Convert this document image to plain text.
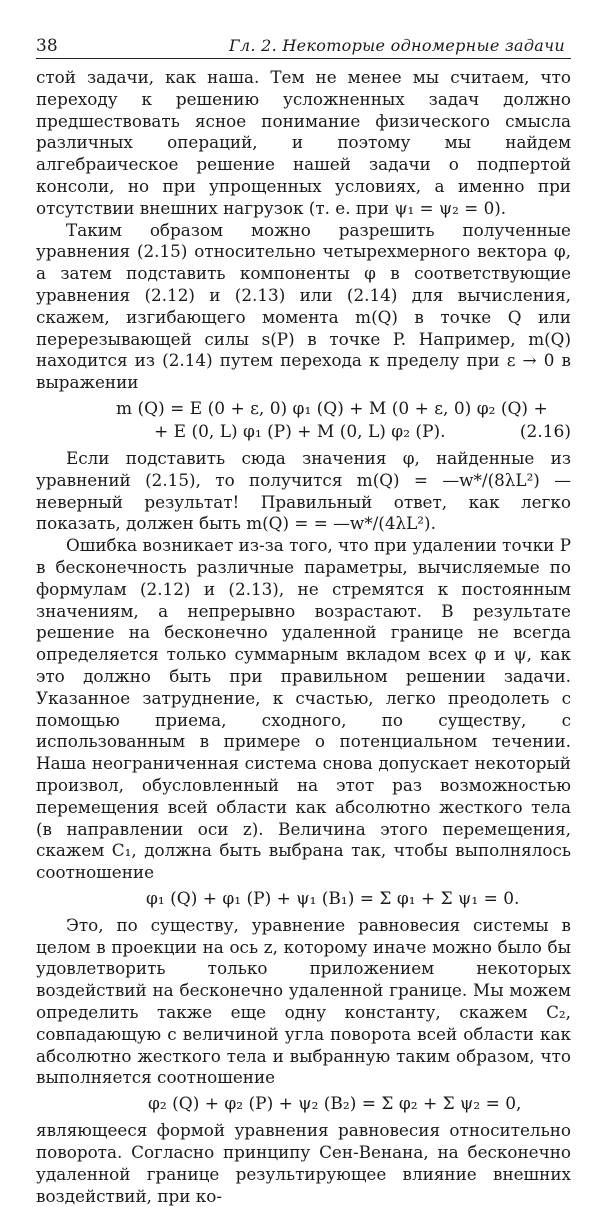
38	Гл. 2. Некоторые одномерные задачи

стой задачи, как наша. Тем не менее мы считаем, что переходу к решению усложненных задач должно предшествовать ясное понимание физического смысла различных операций, и поэтому мы найдем алгебраическое решение нашей задачи о подпертой консоли, но при упрощенных условиях, а именно при отсутствии внешних нагрузок (т. е. при ψ₁ = ψ₂ = 0).

Таким образом можно разрешить полученные уравнения (2.15) относительно четырехмерного вектора φ, а затем подставить компоненты φ в соответствующие уравнения (2.12) и (2.13) или (2.14) для вычисления, скажем, изгибающего момента m(Q) в точке Q или перерезывающей силы s(P) в точке P. Например, m(Q) находится из (2.14) путем перехода к пределу при ε → 0 в выражении

m (Q) = E (0 + ε, 0) φ₁ (Q) + M (0 + ε, 0) φ₂ (Q) +
+ E (0, L) φ₁ (P) + M (0, L) φ₂ (P).	(2.16)

Если подставить сюда значения φ, найденные из уравнений (2.15), то получится m(Q) = —w*/(8λL²) — неверный результат! Правильный ответ, как легко показать, должен быть m(Q) = = —w*/(4λL²).

Ошибка возникает из-за того, что при удалении точки P в бесконечность различные параметры, вычисляемые по формулам (2.12) и (2.13), не стремятся к постоянным значениям, а непрерывно возрастают. В результате решение на бесконечно удаленной границе не всегда определяется только суммарным вкладом всех φ и ψ, как это должно быть при правильном решении задачи. Указанное затруднение, к счастью, легко преодолеть с помощью приема, сходного, по существу, с использованным в примере о потенциальном течении. Наша неограниченная система снова допускает некоторый произвол, обусловленный на этот раз возможностью перемещения всей области как абсолютно жесткого тела (в направлении оси z). Величина этого перемещения, скажем C₁, должна быть выбрана так, чтобы выполнялось соотношение

φ₁ (Q) + φ₁ (P) + ψ₁ (B₁) = Σ φ₁ + Σ ψ₁ = 0.

Это, по существу, уравнение равновесия системы в целом в проекции на ось z, которому иначе можно было бы удовлетворить только приложением некоторых воздействий на бесконечно удаленной границе. Мы можем определить также еще одну константу, скажем C₂, совпадающую с величиной угла поворота всей области как абсолютно жесткого тела и выбранную таким образом, что выполняется соотношение

φ₂ (Q) + φ₂ (P) + ψ₂ (B₂) = Σ φ₂ + Σ ψ₂ = 0,

являющееся формой уравнения равновесия относительно поворота. Согласно принципу Сен-Венана, на бесконечно удаленной границе результирующее влияние внешних воздействий, при ко-
